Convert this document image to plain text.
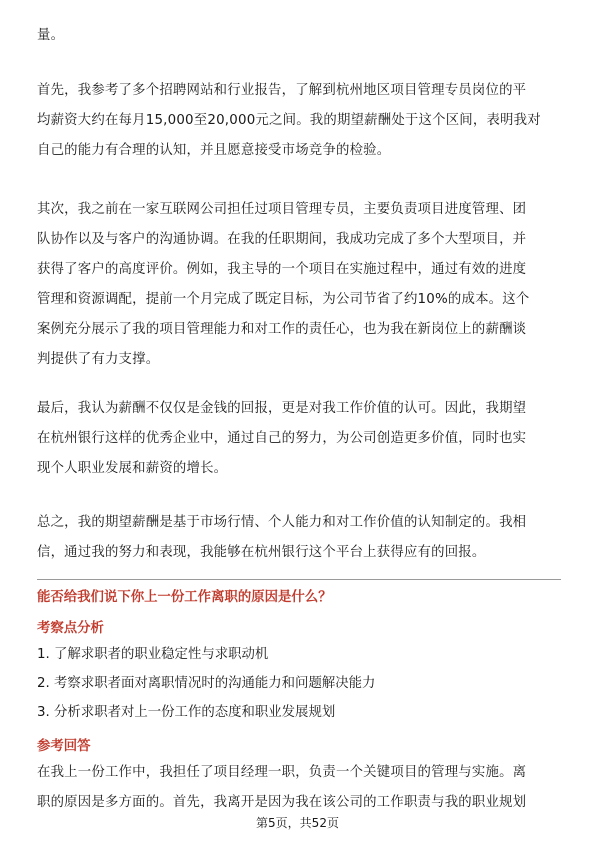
量。
首先，我参考了多个招聘网站和行业报告，了解到杭州地区项目管理专员岗位的平
均薪资大约在每月15,000至20,000元之间。我的期望薪酬处于这个区间，表明我对
自己的能力有合理的认知，并且愿意接受市场竞争的检验。
其次，我之前在一家互联网公司担任过项目管理专员，主要负责项目进度管理、团
队协作以及与客户的沟通协调。在我的任职期间，我成功完成了多个大型项目，并
获得了客户的高度评价。例如，我主导的一个项目在实施过程中，通过有效的进度
管理和资源调配，提前一个月完成了既定目标，为公司节省了约10%的成本。这个
案例充分展示了我的项目管理能力和对工作的责任心，也为我在新岗位上的薪酬谈
判提供了有力支撑。
最后，我认为薪酬不仅仅是金钱的回报，更是对我工作价值的认可。因此，我期望
在杭州银行这样的优秀企业中，通过自己的努力，为公司创造更多价值，同时也实
现个人职业发展和薪资的增长。
总之，我的期望薪酬是基于市场行情、个人能力和对工作价值的认知制定的。我相
信，通过我的努力和表现，我能够在杭州银行这个平台上获得应有的回报。
能否给我们说下你上一份工作离职的原因是什么？
考察点分析
1. 了解求职者的职业稳定性与求职动机
2. 考察求职者面对离职情况时的沟通能力和问题解决能力
3. 分析求职者对上一份工作的态度和职业发展规划
参考回答
在我上一份工作中，我担任了项目经理一职，负责一个关键项目的管理与实施。离
职的原因是多方面的。首先，我离开是因为我在该公司的工作职责与我的职业规划
第5页，共52页
